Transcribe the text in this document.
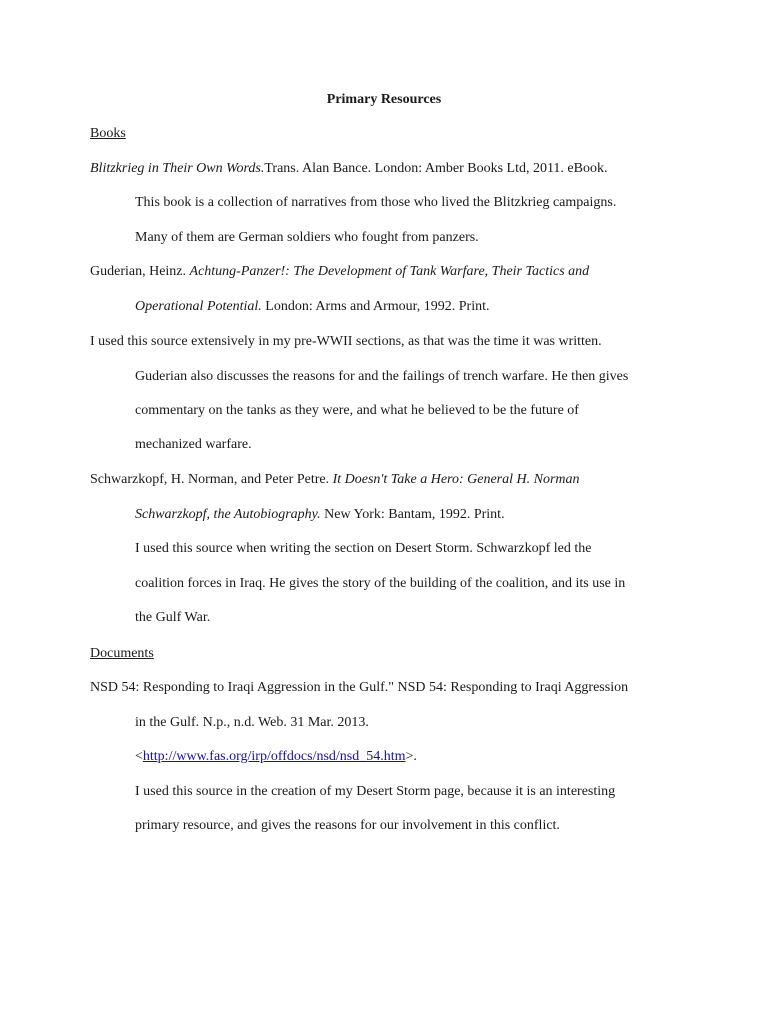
Primary Resources
Books
Blitzkrieg in Their Own Words.Trans. Alan Bance. London: Amber Books Ltd, 2011. eBook.
This book is a collection of narratives from those who lived the Blitzkrieg campaigns.
Many of them are German soldiers who fought from panzers.
Guderian, Heinz. Achtung-Panzer!: The Development of Tank Warfare, Their Tactics and
Operational Potential. London: Arms and Armour, 1992. Print.
I used this source extensively in my pre-WWII sections, as that was the time it was written.
Guderian also discusses the reasons for and the failings of trench warfare. He then gives
commentary on the tanks as they were, and what he believed to be the future of
mechanized warfare.
Schwarzkopf, H. Norman, and Peter Petre. It Doesn't Take a Hero: General H. Norman
Schwarzkopf, the Autobiography. New York: Bantam, 1992. Print.
I used this source when writing the section on Desert Storm. Schwarzkopf led the
coalition forces in Iraq. He gives the story of the building of the coalition, and its use in
the Gulf War.
Documents
NSD 54: Responding to Iraqi Aggression in the Gulf." NSD 54: Responding to Iraqi Aggression
in the Gulf. N.p., n.d. Web. 31 Mar. 2013.
<http://www.fas.org/irp/offdocs/nsd/nsd_54.htm>.
I used this source in the creation of my Desert Storm page, because it is an interesting
primary resource, and gives the reasons for our involvement in this conflict.
